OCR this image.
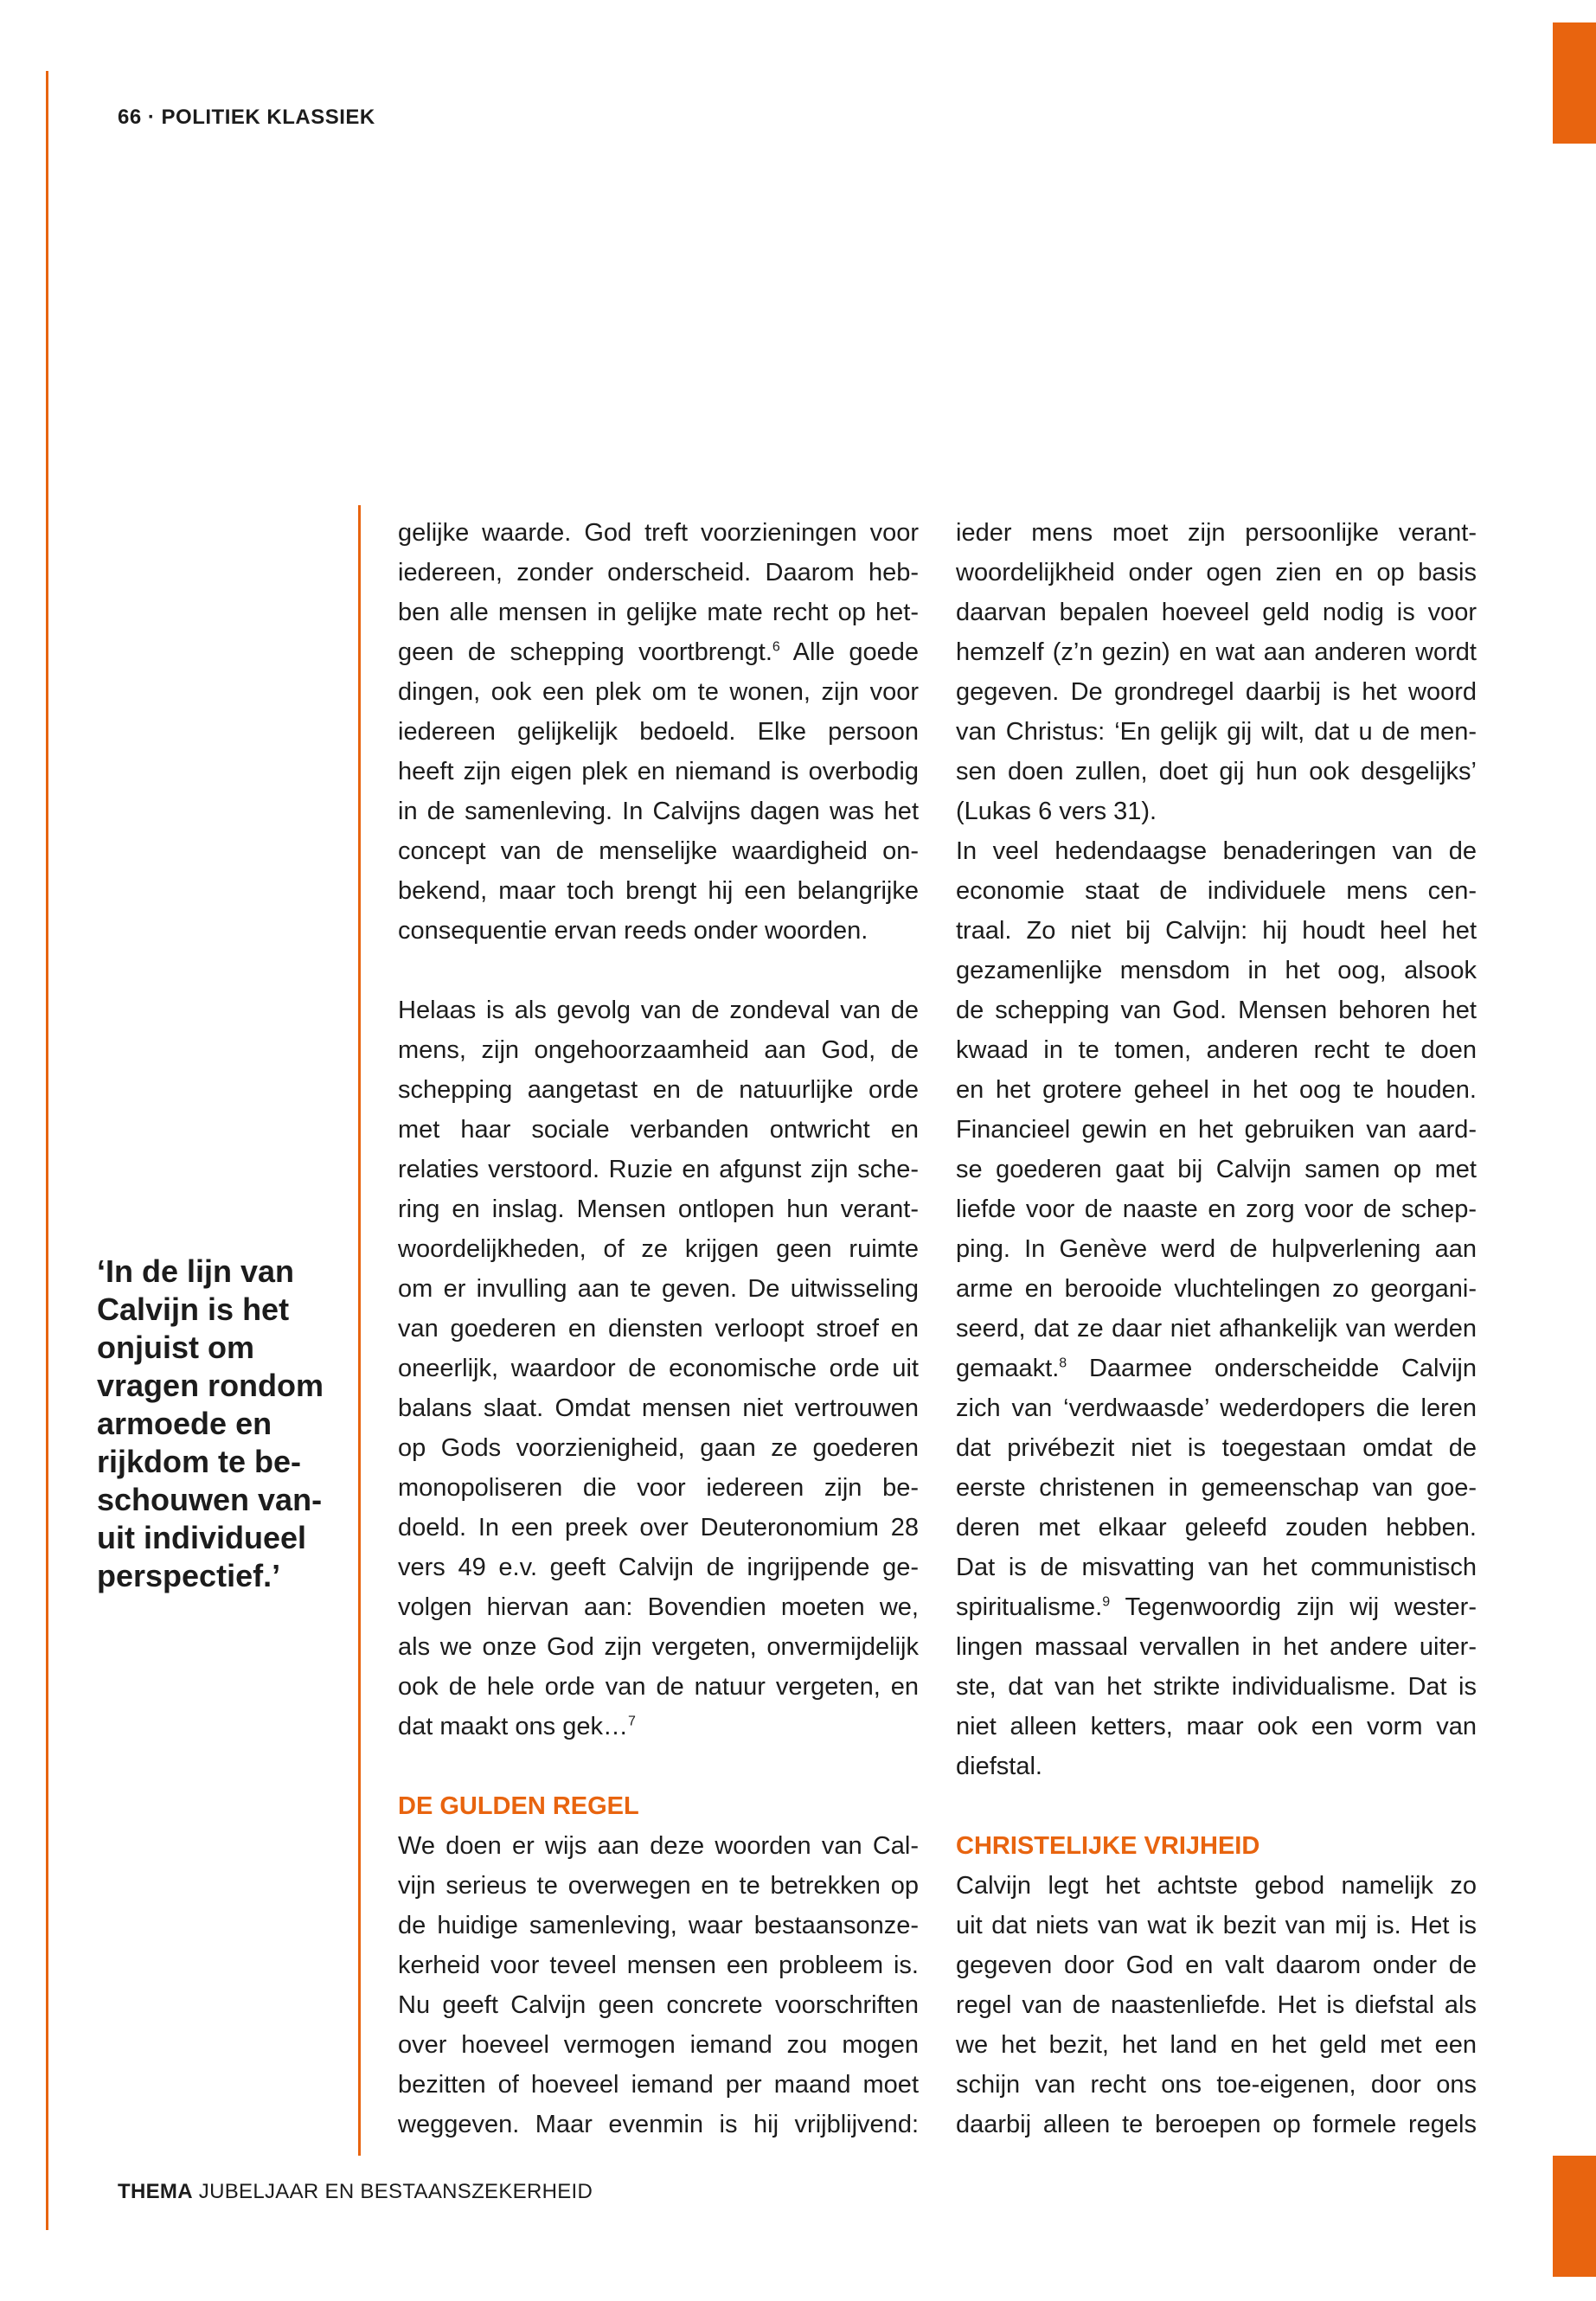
66 · POLITIEK KLASSIEK
‘In de lijn van
Calvijn is het
onjuist om
vragen rondom
armoede en
rijkdom te be-
schouwen van-
uit individueel
perspectief.’
gelijke waarde. God treft voorzieningen voor
iedereen, zonder onderscheid. Daarom heb-
ben alle mensen in gelijke mate recht op het-
geen de schepping voortbrengt.$^6$ Alle goede
dingen, ook een plek om te wonen, zijn voor
iedereen gelijkelijk bedoeld. Elke persoon
heeft zijn eigen plek en niemand is overbodig
in de samenleving. In Calvijns dagen was het
concept van de menselijke waardigheid on-
bekend, maar toch brengt hij een belangrijke
consequentie ervan reeds onder woorden.
Helaas is als gevolg van de zondeval van de
mens, zijn ongehoorzaamheid aan God, de
schepping aangetast en de natuurlijke orde
met haar sociale verbanden ontwricht en
relaties verstoord. Ruzie en afgunst zijn sche-
ring en inslag. Mensen ontlopen hun verant-
woordelijkheden, of ze krijgen geen ruimte
om er invulling aan te geven. De uitwisseling
van goederen en diensten verloopt stroef en
oneerlijk, waardoor de economische orde uit
balans slaat. Omdat mensen niet vertrouwen
op Gods voorzienigheid, gaan ze goederen
monopoliseren die voor iedereen zijn be-
doeld. In een preek over Deuteronomium 28
vers 49 e.v. geeft Calvijn de ingrijpende ge-
volgen hiervan aan: Bovendien moeten we,
als we onze God zijn vergeten, onvermijdelijk
ook de hele orde van de natuur vergeten, en
dat maakt ons gek…$^7$
DE GULDEN REGEL
We doen er wijs aan deze woorden van Cal-
vijn serieus te overwegen en te betrekken op
de huidige samenleving, waar bestaansonze-
kerheid voor teveel mensen een probleem is.
Nu geeft Calvijn geen concrete voorschriften
over hoeveel vermogen iemand zou mogen
bezitten of hoeveel iemand per maand moet
weggeven. Maar evenmin is hij vrijblijvend:
ieder mens moet zijn persoonlijke verant-
woordelijkheid onder ogen zien en op basis
daarvan bepalen hoeveel geld nodig is voor
hemzelf (z’n gezin) en wat aan anderen wordt
gegeven. De grondregel daarbij is het woord
van Christus: ‘En gelijk gij wilt, dat u de men-
sen doen zullen, doet gij hun ook desgelijks’
(Lukas 6 vers 31).
In veel hedendaagse benaderingen van de
economie staat de individuele mens cen-
traal. Zo niet bij Calvijn: hij houdt heel het
gezamenlijke mensdom in het oog, alsook
de schepping van God. Mensen behoren het
kwaad in te tomen, anderen recht te doen
en het grotere geheel in het oog te houden.
Financieel gewin en het gebruiken van aard-
se goederen gaat bij Calvijn samen op met
liefde voor de naaste en zorg voor de schep-
ping. In Genève werd de hulpverlening aan
arme en berooide vluchtelingen zo georgani-
seerd, dat ze daar niet afhankelijk van werden
gemaakt.$^8$ Daarmee onderscheidde Calvijn
zich van ‘verdwaasde’ wederdopers die leren
dat privébezit niet is toegestaan omdat de
eerste christenen in gemeenschap van goe-
deren met elkaar geleefd zouden hebben.
Dat is de misvatting van het communistisch
spiritualisme.$^9$ Tegenwoordig zijn wij wester-
lingen massaal vervallen in het andere uiter-
ste, dat van het strikte individualisme. Dat is
niet alleen ketters, maar ook een vorm van
diefstal.
CHRISTELIJKE VRIJHEID
Calvijn legt het achtste gebod namelijk zo
uit dat niets van wat ik bezit van mij is. Het is
gegeven door God en valt daarom onder de
regel van de naastenliefde. Het is diefstal als
we het bezit, het land en het geld met een
schijn van recht ons toe-eigenen, door ons
daarbij alleen te beroepen op formele regels
THEMA JUBELJAAR EN BESTAANSZEKERHEID
